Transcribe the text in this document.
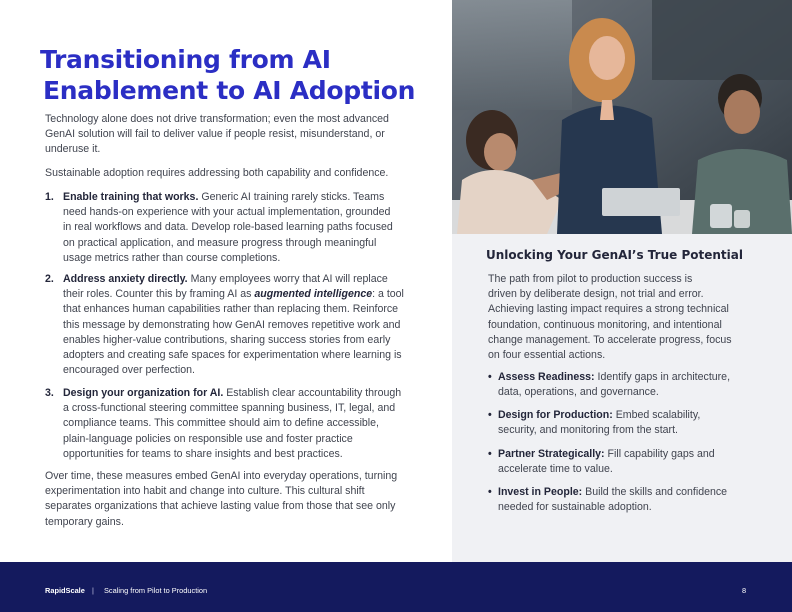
Transitioning from AI
Enablement to AI Adoption
Technology alone does not drive transformation; even the most advanced
GenAI solution will fail to deliver value if people resist, misunderstand, or
underuse it.
Sustainable adoption requires addressing both capability and confidence.
1. Enable training that works. Generic AI training rarely sticks. Teams
need hands-on experience with your actual implementation, grounded
in real workflows and data. Develop role-based learning paths focused
on practical application, and measure progress through meaningful
usage metrics rather than course completions.
2. Address anxiety directly. Many employees worry that AI will replace
their roles. Counter this by framing AI as augmented intelligence: a tool
that enhances human capabilities rather than replacing them. Reinforce
this message by demonstrating how GenAI removes repetitive work and
enables higher-value contributions, sharing success stories from early
adopters and creating safe spaces for experimentation where learning is
encouraged over perfection.
3. Design your organization for AI. Establish clear accountability through
a cross-functional steering committee spanning business, IT, legal, and
compliance teams. This committee should aim to define accessible,
plain-language policies on responsible use and foster practice
opportunities for teams to share insights and best practices.
Over time, these measures embed GenAI into everyday operations, turning
experimentation into habit and change into culture. This cultural shift
separates organizations that achieve lasting value from those that see only
temporary gains.
Unlocking Your GenAI’s True Potential
The path from pilot to production success is
driven by deliberate design, not trial and error.
Achieving lasting impact requires a strong technical
foundation, continuous monitoring, and intentional
change management. To accelerate progress, focus
on four essential actions.
• Assess Readiness: Identify gaps in architecture,
data, operations, and governance.
• Design for Production: Embed scalability,
security, and monitoring from the start.
• Partner Strategically: Fill capability gaps and
accelerate time to value.
• Invest in People: Build the skills and confidence
needed for sustainable adoption.
RapidScale | Scaling from Pilot to Production	8
